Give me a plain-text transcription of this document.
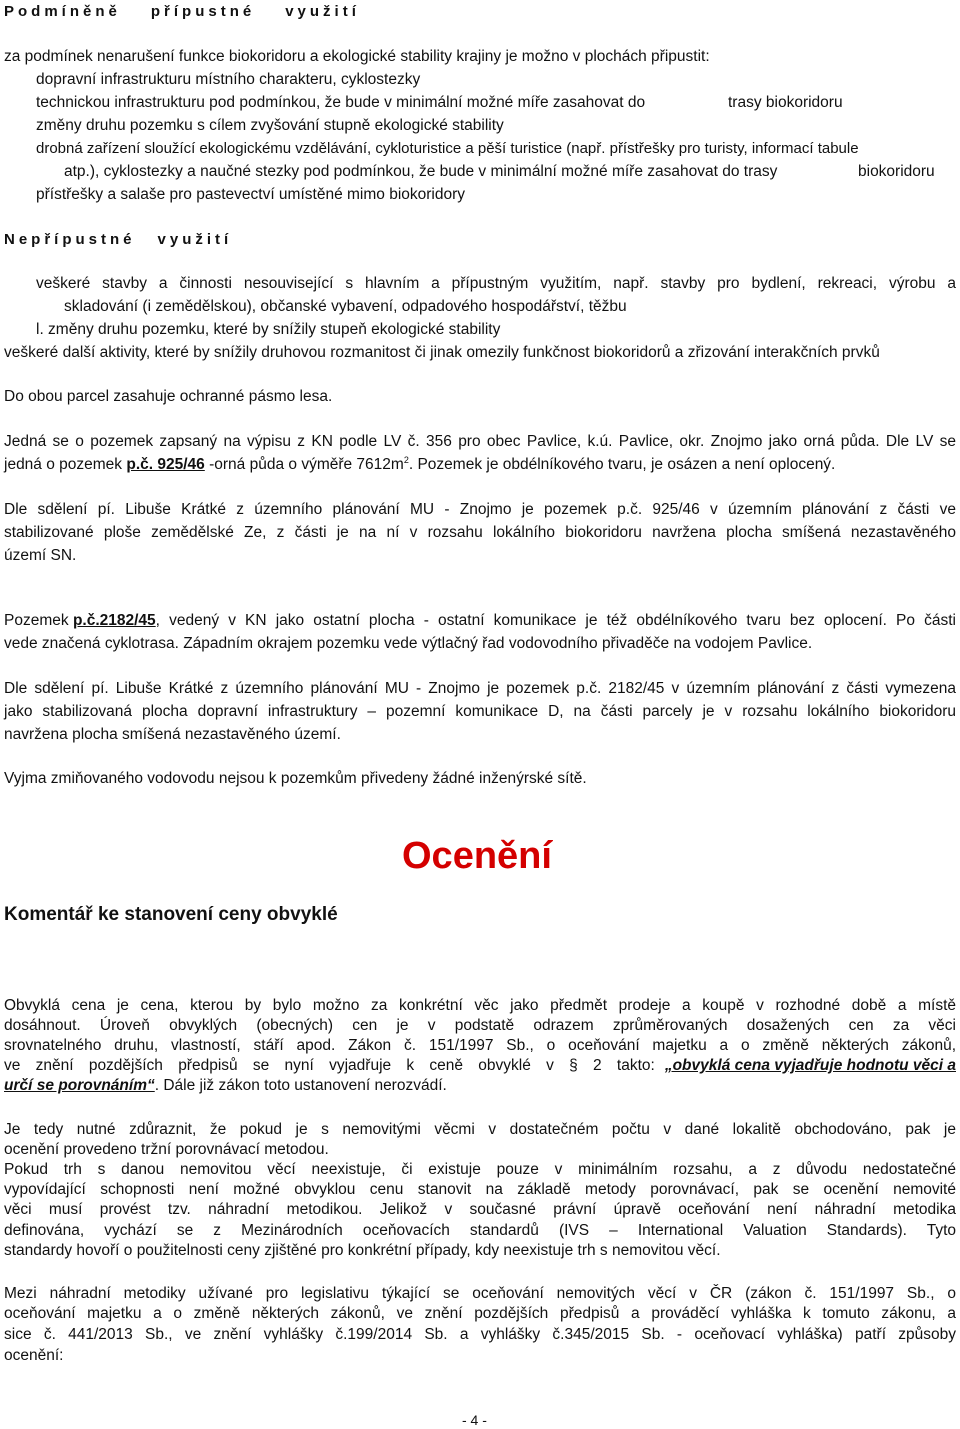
Podmíněně přípustné využití
za podmínek nenarušení funkce biokoridoru a ekologické stability krajiny je možno v plochách připustit:
dopravní infrastrukturu místního charakteru, cyklostezky
technickou infrastrukturu pod podmínkou, že bude v minimální možné míře zasahovat do	trasy biokoridoru
změny druhu pozemku s cílem zvyšování stupně ekologické stability
drobná zařízení sloužící ekologickému vzdělávání, cykloturistice a pěší turistice (např. přístřešky pro turisty, informací tabule
atp.), cyklostezky a naučné stezky pod podmínkou, že bude v minimální možné míře zasahovat do trasy	biokoridoru
přístřešky a salaše pro pastevectví umístěné mimo biokoridory
Nepřípustné využití
veškeré stavby a činnosti nesouvisející s hlavním a přípustným využitím, např. stavby pro bydlení, rekreaci, výrobu a
skladování (i zemědělskou), občanské vybavení, odpadového hospodářství, těžbu
l. změny druhu pozemku, které by snížily stupeň ekologické stability
veškeré další aktivity, které by snížily druhovou rozmanitost či jinak omezily funkčnost biokoridorů a zřizování interakčních prvků
Do obou parcel zasahuje ochranné pásmo lesa.
Jedná se o pozemek zapsaný na výpisu z KN podle LV č. 356 pro obec Pavlice, k.ú. Pavlice, okr. Znojmo jako orná půda. Dle LV se
jedná o pozemek p.č. 925/46 -orná půda o výměře $7612m^2$. Pozemek je obdélníkového tvaru, je osázen a není oplocený.
Dle sdělení pí. Libuše Krátké z územního plánování MU - Znojmo je pozemek p.č. 925/46 v územním plánování z části ve
stabilizované ploše zemědělské Ze, z části je na ní v rozsahu lokálního biokoridoru navržena plocha smíšená nezastavěného
území SN.
Pozemek
p.č.2182/45 , vedený v KN jako ostatní plocha - ostatní komunikace je též obdélníkového tvaru bez oplocení. Po části
vede značená cyklotrasa. Západním okrajem pozemku vede výtlačný řad vodovodního přivaděče na vodojem Pavlice.
Dle sdělení pí. Libuše Krátké z územního plánování MU - Znojmo je pozemek p.č. 2182/45 v územním plánování z části vymezena
jako stabilizovaná plocha dopravní infrastruktury – pozemní komunikace D, na části parcely je v rozsahu lokálního biokoridoru
navržena plocha smíšená nezastavěného území.
Vyjma zmiňovaného vodovodu nejsou k pozemkům přivedeny žádné inženýrské sítě.
Ocenění
Komentář ke stanovení ceny obvyklé
Obvyklá cena je cena, kterou by bylo možno za konkrétní věc jako předmět prodeje a koupě v rozhodné době a místě
dosáhnout. Úroveň obvyklých (obecných) cen je v podstatě odrazem zprůměrovaných dosažených cen za věci
srovnatelného druhu, vlastností, stáří apod. Zákon č. 151/1997 Sb., o oceňování majetku a o změně některých zákonů,
ve znění pozdějších předpisů se nyní vyjadřuje k ceně obvyklé v § 2 takto: „obvyklá cena vyjadřuje hodnotu věci a
určí se porovnáním“. Dále již zákon toto ustanovení nerozvádí.
Je tedy nutné zdůraznit, že pokud je s nemovitými věcmi v dostatečném počtu v dané lokalitě obchodováno, pak je
ocenění provedeno tržní porovnávací metodou.
Pokud trh s danou nemovitou věcí neexistuje, či existuje pouze v minimálním rozsahu, a z důvodu nedostatečné
vypovídající schopnosti není možné obvyklou cenu stanovit na základě metody porovnávací, pak se ocenění nemovité
věci musí provést tzv. náhradní metodikou. Jelikož v současné právní úpravě oceňování není náhradní metodika
definována, vychází se z Mezinárodních oceňovacích standardů (IVS – International Valuation Standards). Tyto
standardy hovoří o použitelnosti ceny zjištěné pro konkrétní případy, kdy neexistuje trh s nemovitou věcí.
Mezi náhradní metodiky užívané pro legislativu týkající se oceňování nemovitých věcí v ČR (zákon č. 151/1997 Sb., o
oceňování majetku a o změně některých zákonů, ve znění pozdějších předpisů a prováděcí vyhláška k tomuto zákonu, a
sice č. 441/2013 Sb., ve znění vyhlášky č.199/2014 Sb. a vyhlášky č.345/2015 Sb. - oceňovací vyhláška) patří způsoby
ocenění:
- 4 -
